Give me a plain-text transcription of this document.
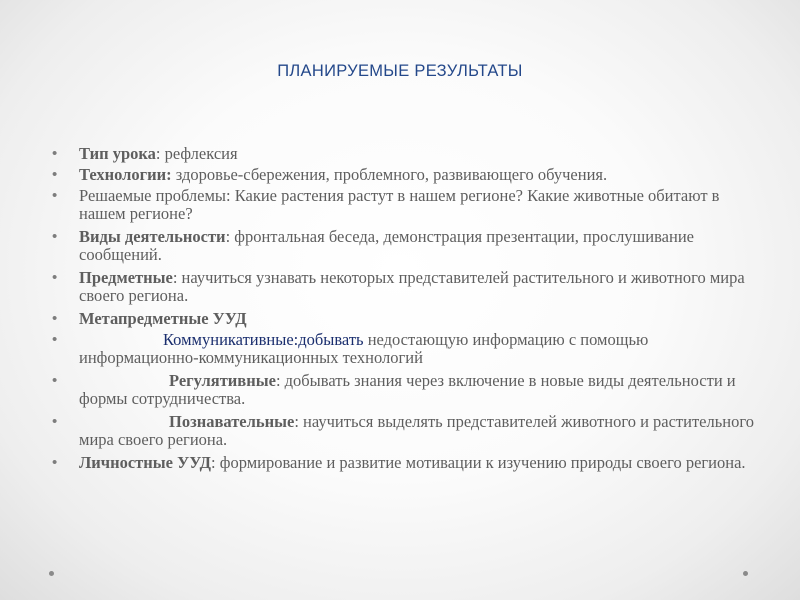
ПЛАНИРУЕМЫЕ РЕЗУЛЬТАТЫ
• Тип урока: рефлексия
• Технологии: здоровье-сбережения, проблемного, развивающего обучения.
• Решаемые проблемы: Какие растения растут в нашем регионе? Какие животные обитают в нашем регионе?
• Виды деятельности: фронтальная беседа, демонстрация презентации, прослушивание сообщений.
• Предметные: научиться узнавать некоторых представителей растительного и животного мира своего региона.
• Метапредметные УУД
• Коммуникативные:добывать недостающую информацию с помощью информационно-коммуникационных технологий
• Регулятивные: добывать знания через включение в новые виды деятельности и формы сотрудничества.
• Познавательные: научиться выделять представителей животного и растительного мира своего региона.
• Личностные УУД: формирование и развитие мотивации к изучению природы своего региона.
